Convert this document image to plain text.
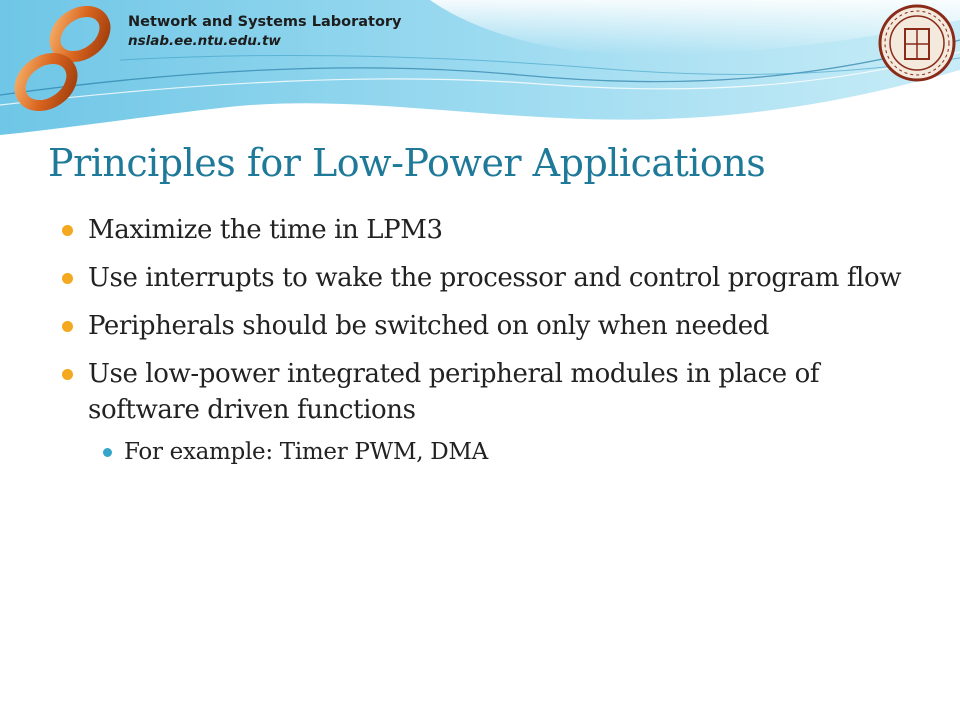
Network and Systems Laboratory
nslab.ee.ntu.edu.tw
Principles for Low-Power Applications
Maximize the time in LPM3
Use interrupts to wake the processor and control program flow
Peripherals should be switched on only when needed
Use low-power integrated peripheral modules in place of software driven functions
For example: Timer PWM, DMA
